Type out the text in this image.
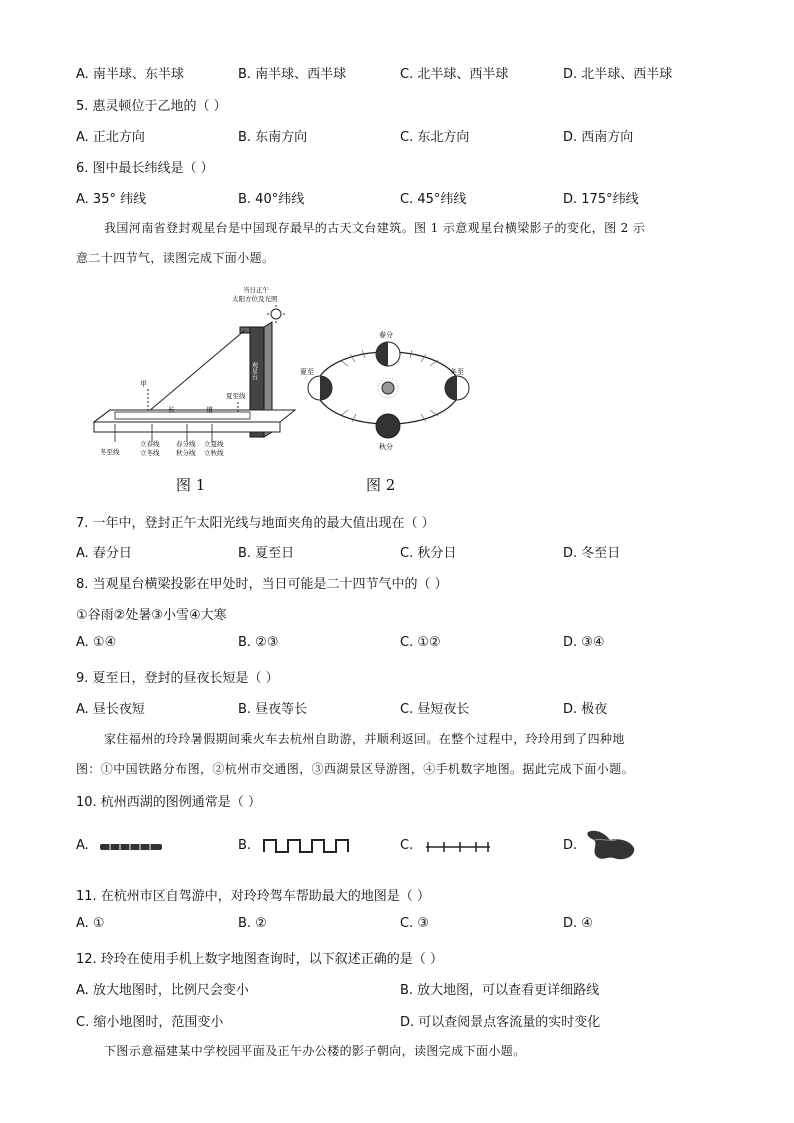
A. 南半球、东半球	B. 南半球、西半球	C. 北半球、西半球	D. 北半球、西半球
5. 惠灵顿位于乙地的（ ）
A. 正北方向	B. 东南方向	C. 东北方向	D. 西南方向
6. 图中最长纬线是（ ）
A. 35° 纬线	B. 40°纬线	C. 45°纬线	D. 175°纬线
我国河南省登封观星台是中国现存最早的古天文台建筑。图 1 示意观星台横梁影子的变化，图 2 示
意二十四节气，读图完成下面小题。
当日正午
太阳方位及光照
观星台
长	道
甲
夏至线
冬至线
立春线
立冬线
春分线
秋分线
立夏线
立秋线
图 1
春分
夏至
秋分
冬至
图 2
7. 一年中，登封正午太阳光线与地面夹角的最大值出现在（ ）
A. 春分日	B. 夏至日	C. 秋分日	D. 冬至日
8. 当观星台横梁投影在甲处时，当日可能是二十四节气中的（ ）
①谷雨②处暑③小雪④大寒
A. ①④	B. ②③	C. ①②	D. ③④
9. 夏至日，登封的昼夜长短是（ ）
A. 昼长夜短	B. 昼夜等长	C. 昼短夜长	D. 极夜
家住福州的玲玲暑假期间乘火车去杭州自助游，并顺利返回。在整个过程中，玲玲用到了四种地
图：①中国铁路分布图，②杭州市交通图，③西湖景区导游图，④手机数字地图。据此完成下面小题。
10. 杭州西湖的图例通常是（ ）
A.	B.	C.	D.
11. 在杭州市区自驾游中，对玲玲驾车帮助最大的地图是（ ）
A. ①	B. ②	C. ③	D. ④
12. 玲玲在使用手机上数字地图查询时，以下叙述正确的是（ ）
A. 放大地图时，比例尺会变小	B. 放大地图，可以查看更详细路线
C. 缩小地图时，范围变小	D. 可以查阅景点客流量的实时变化
下图示意福建某中学校园平面及正午办公楼的影子朝向，读图完成下面小题。
